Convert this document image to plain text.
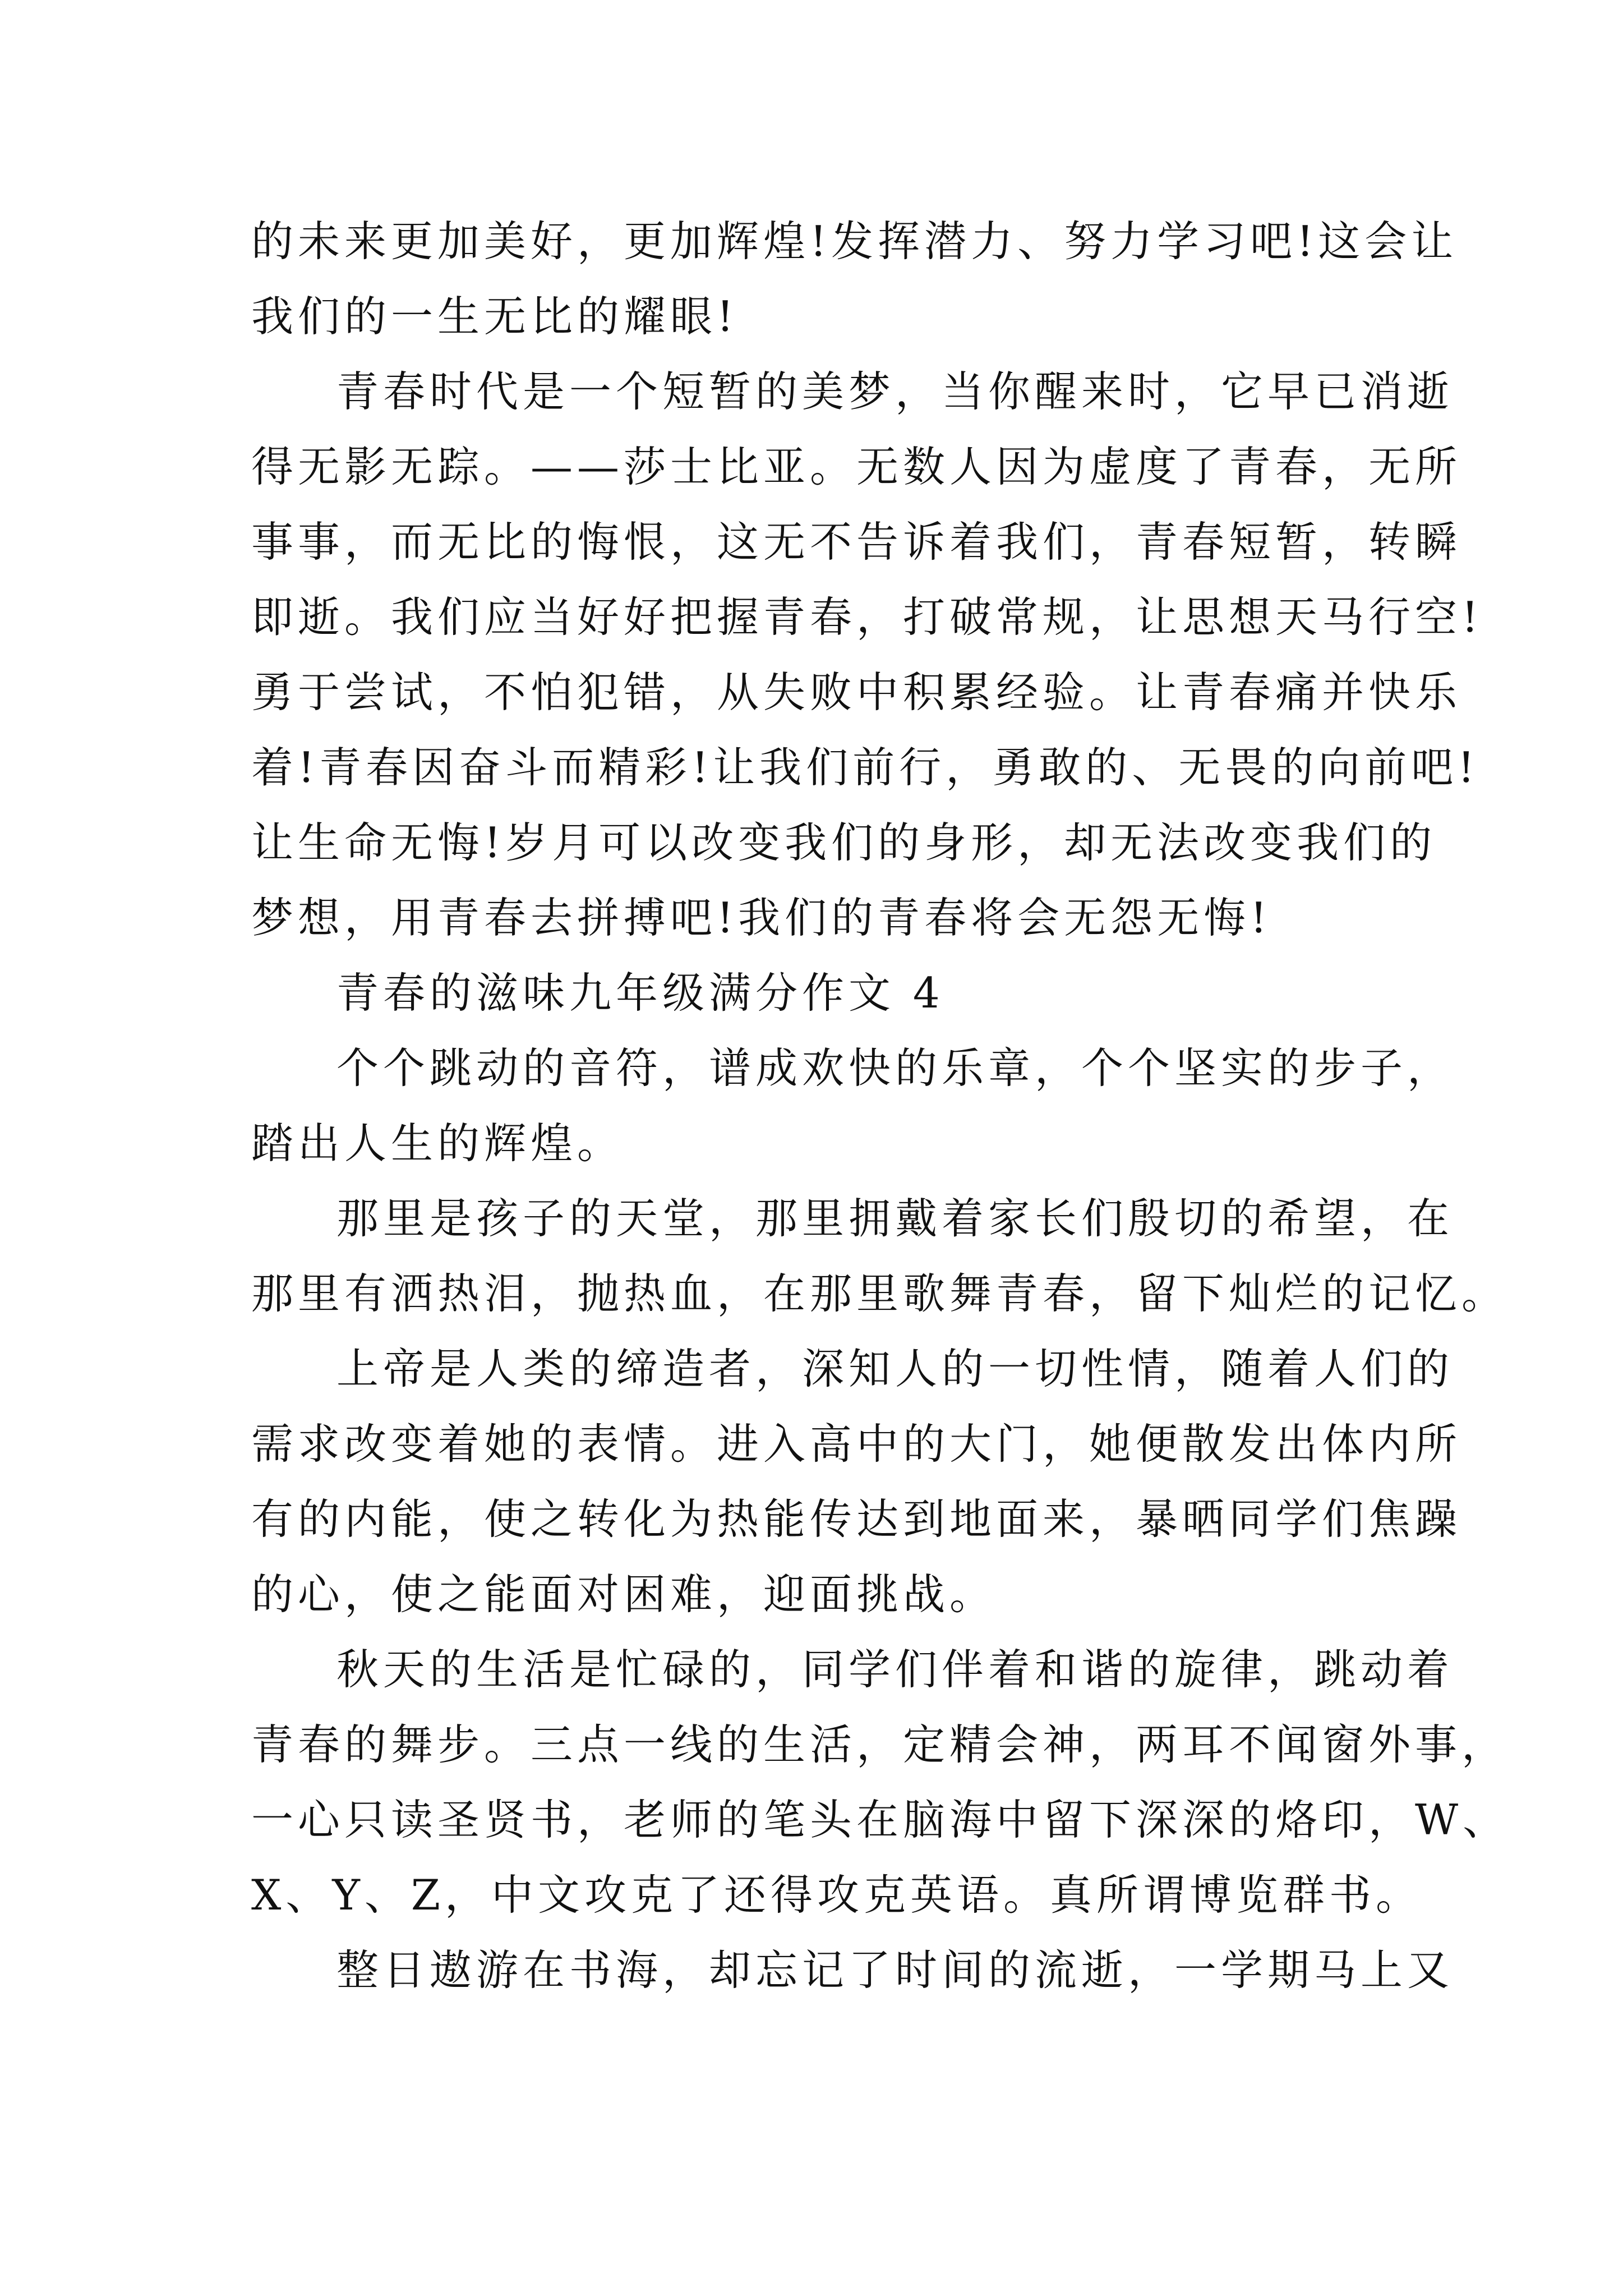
的未来更加美好，更加辉煌!发挥潜力、努力学习吧!这会让
我们的一生无比的耀眼!
青春时代是一个短暂的美梦，当你醒来时，它早已消逝
得无影无踪。——莎士比亚。无数人因为虚度了青春，无所
事事，而无比的悔恨，这无不告诉着我们，青春短暂，转瞬
即逝。我们应当好好把握青春，打破常规，让思想天马行空!
勇于尝试，不怕犯错，从失败中积累经验。让青春痛并快乐
着!青春因奋斗而精彩!让我们前行，勇敢的、无畏的向前吧!
让生命无悔!岁月可以改变我们的身形，却无法改变我们的
梦想，用青春去拼搏吧!我们的青春将会无怨无悔!
青春的滋味九年级满分作文 4
个个跳动的音符，谱成欢快的乐章，个个坚实的步子，
踏出人生的辉煌。
那里是孩子的天堂，那里拥戴着家长们殷切的希望，在
那里有洒热泪，抛热血，在那里歌舞青春，留下灿烂的记忆。
上帝是人类的缔造者，深知人的一切性情，随着人们的
需求改变着她的表情。进入高中的大门，她便散发出体内所
有的内能，使之转化为热能传达到地面来，暴晒同学们焦躁
的心，使之能面对困难，迎面挑战。
秋天的生活是忙碌的，同学们伴着和谐的旋律，跳动着
青春的舞步。三点一线的生活，定精会神，两耳不闻窗外事，
一心只读圣贤书，老师的笔头在脑海中留下深深的烙印，W、
X、Y、Z，中文攻克了还得攻克英语。真所谓博览群书。
整日遨游在书海，却忘记了时间的流逝，一学期马上又
